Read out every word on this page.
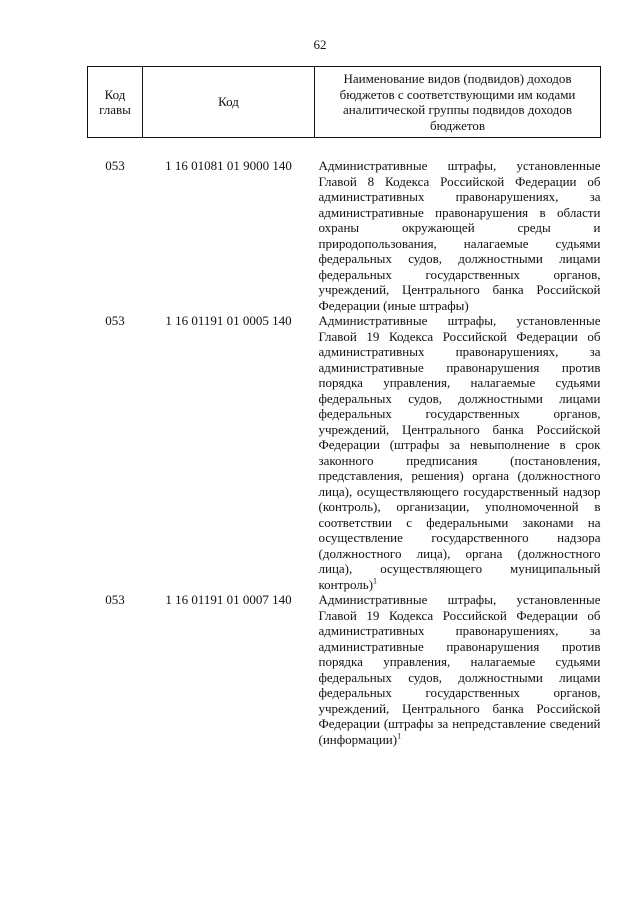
62
Код главы	Код	Наименование видов (подвидов) доходов бюджетов с соответствующими им кодами аналитической группы подвидов доходов бюджетов

053	1 16 01081 01 9000 140	Административные штрафы, установленные Главой 8 Кодекса Российской Федерации об административных правонарушениях, за административные правонарушения в области охраны окружающей среды и природопользования, налагаемые судьями федеральных судов, должностными лицами федеральных государственных органов, учреждений, Центрального банка Российской Федерации (иные штрафы)
053	1 16 01191 01 0005 140	Административные штрафы, установленные Главой 19 Кодекса Российской Федерации об административных правонарушениях, за административные правонарушения против порядка управления, налагаемые судьями федеральных судов, должностными лицами федеральных государственных органов, учреждений, Центрального банка Российской Федерации (штрафы за невыполнение в срок законного предписания (постановления, представления, решения) органа (должностного лица), осуществляющего государственный надзор (контроль), организации, уполномоченной в соответствии с федеральными законами на осуществление государственного надзора (должностного лица), органа (должностного лица), осуществляющего муниципальный контроль)$^1$
053	1 16 01191 01 0007 140	Административные штрафы, установленные Главой 19 Кодекса Российской Федерации об административных правонарушениях, за административные правонарушения против порядка управления, налагаемые судьями федеральных судов, должностными лицами федеральных государственных органов, учреждений, Центрального банка Российской Федерации (штрафы за непредставление сведений (информации)$^1$
